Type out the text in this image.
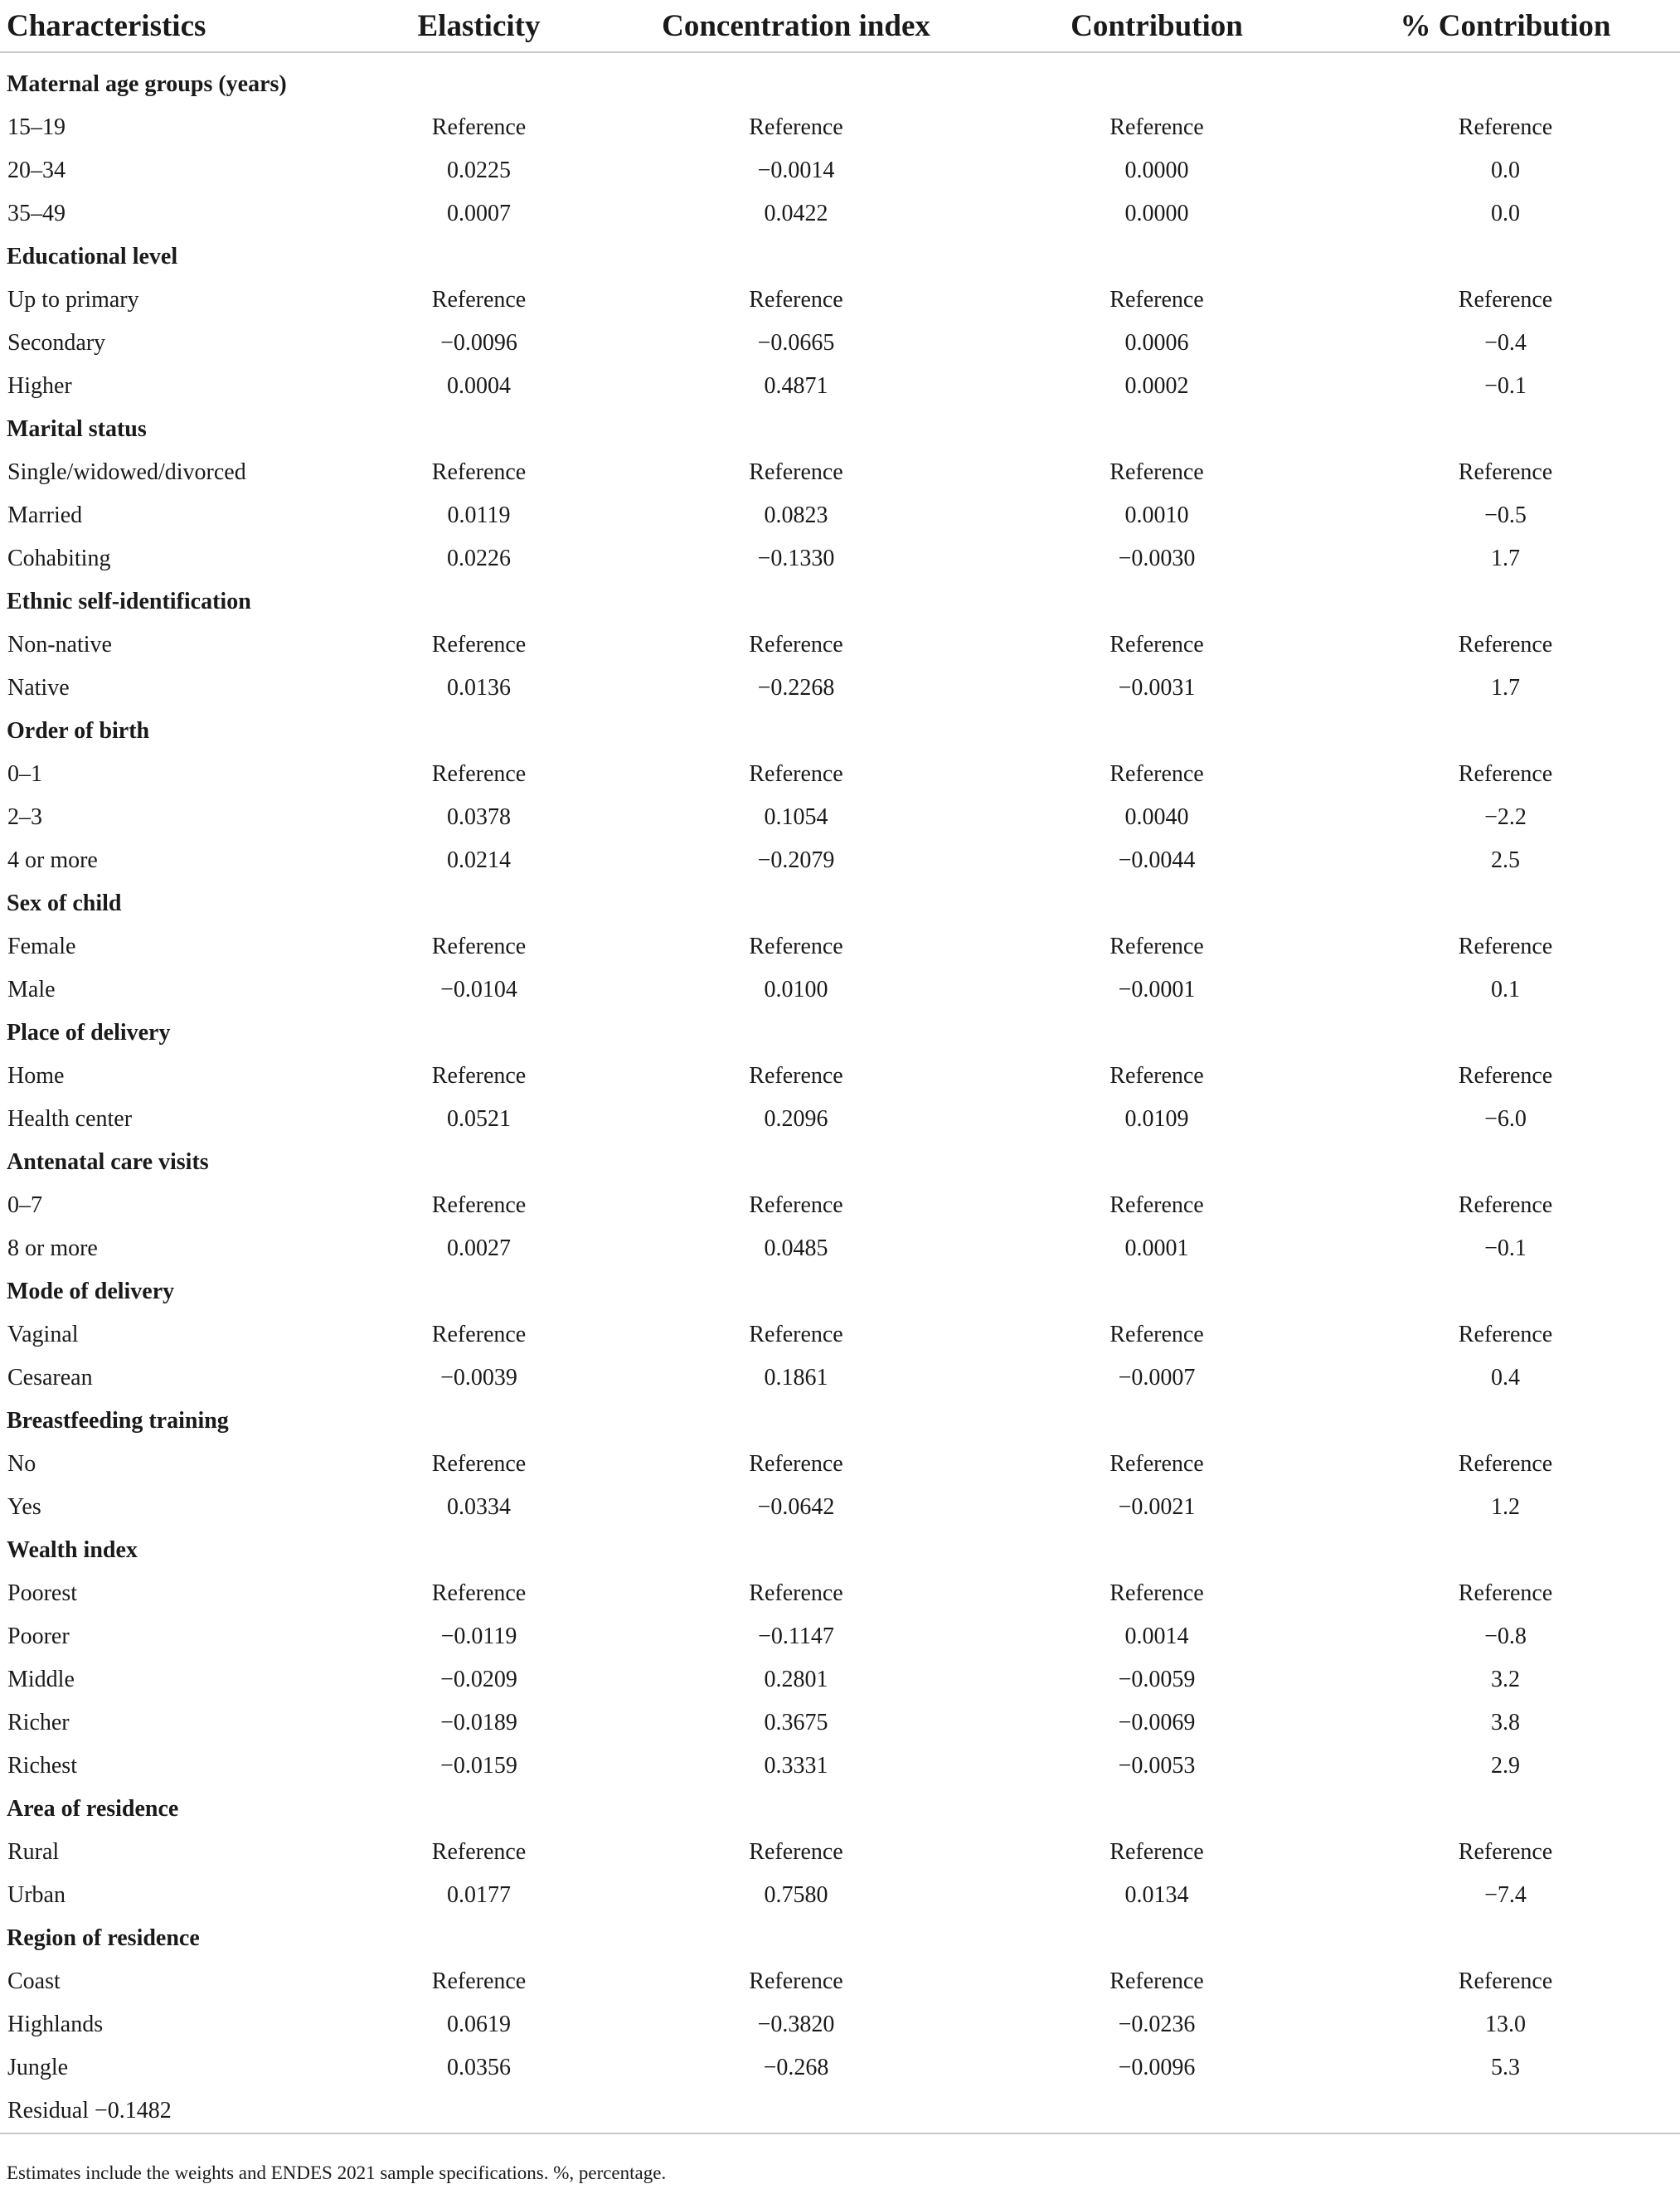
Characteristics	Elasticity	Concentration index	Contribution	% Contribution

Maternal age groups (years)				
15–19	Reference	Reference	Reference	Reference
20–34	0.0225	−0.0014	0.0000	0.0
35–49	0.0007	0.0422	0.0000	0.0
Educational level				
Up to primary	Reference	Reference	Reference	Reference
Secondary	−0.0096	−0.0665	0.0006	−0.4
Higher	0.0004	0.4871	0.0002	−0.1
Marital status				
Single/widowed/divorced	Reference	Reference	Reference	Reference
Married	0.0119	0.0823	0.0010	−0.5
Cohabiting	0.0226	−0.1330	−0.0030	1.7
Ethnic self-identification				
Non-native	Reference	Reference	Reference	Reference
Native	0.0136	−0.2268	−0.0031	1.7
Order of birth				
0–1	Reference	Reference	Reference	Reference
2–3	0.0378	0.1054	0.0040	−2.2
4 or more	0.0214	−0.2079	−0.0044	2.5
Sex of child				
Female	Reference	Reference	Reference	Reference
Male	−0.0104	0.0100	−0.0001	0.1
Place of delivery				
Home	Reference	Reference	Reference	Reference
Health center	0.0521	0.2096	0.0109	−6.0
Antenatal care visits				
0–7	Reference	Reference	Reference	Reference
8 or more	0.0027	0.0485	0.0001	−0.1
Mode of delivery				
Vaginal	Reference	Reference	Reference	Reference
Cesarean	−0.0039	0.1861	−0.0007	0.4
Breastfeeding training				
No	Reference	Reference	Reference	Reference
Yes	0.0334	−0.0642	−0.0021	1.2
Wealth index				
Poorest	Reference	Reference	Reference	Reference
Poorer	−0.0119	−0.1147	0.0014	−0.8
Middle	−0.0209	0.2801	−0.0059	3.2
Richer	−0.0189	0.3675	−0.0069	3.8
Richest	−0.0159	0.3331	−0.0053	2.9
Area of residence				
Rural	Reference	Reference	Reference	Reference
Urban	0.0177	0.7580	0.0134	−7.4
Region of residence				
Coast	Reference	Reference	Reference	Reference
Highlands	0.0619	−0.3820	−0.0236	13.0
Jungle	0.0356	−0.268	−0.0096	5.3
Residual −0.1482				
Estimates include the weights and ENDES 2021 sample specifications. %, percentage.
